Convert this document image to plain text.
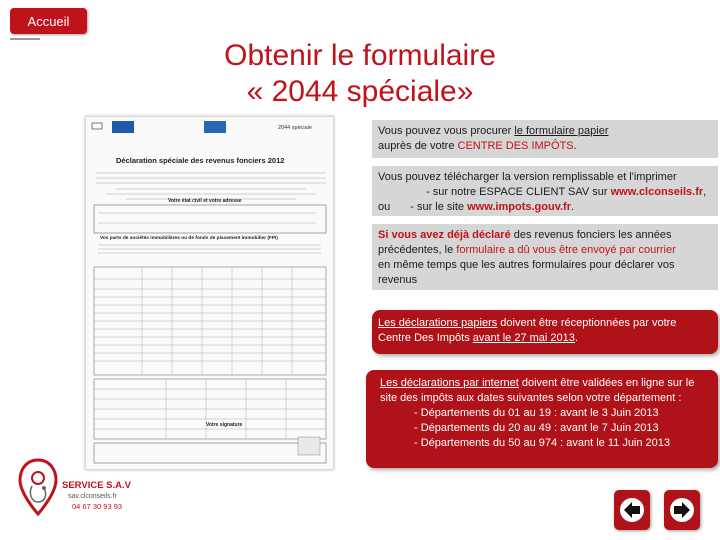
Accueil
Obtenir le formulaire
« 2044 spéciale»
2044 spéciale
Déclaration spéciale des revenus fonciers 2012
Votre état civil et votre adresse
Vos parts de sociétés immobilières ou de fonds de placement immobilier (FPI)
Votre signature
Vous pouvez vous procurer le formulaire papier
auprès de votre CENTRE DES IMPÔTS.
Vous pouvez télécharger la version remplissable et l'imprimer
- sur notre ESPACE CLIENT SAV sur www.clconseils.fr,
ou - sur le site www.impots.gouv.fr.
Si vous avez déjà déclaré des revenus fonciers les années
précédentes, le formulaire a dû vous être envoyé par courrier
en même temps que les autres formulaires pour déclarer vos
revenus
Les déclarations papiers doivent être réceptionnées par votre
Centre Des Impôts avant le 27 mai 2013.
Les déclarations par internet doivent être validées en ligne sur le
site des impôts aux dates suivantes selon votre département :
- Départements du 01 au 19 : avant le 3 Juin 2013
- Départements du 20 au 49 : avant le 7 Juin 2013
- Départements du 50 au 974 : avant le 11 Juin 2013
SERVICE S.A.V
sav.clconseils.fr
04 67 30 93 93
